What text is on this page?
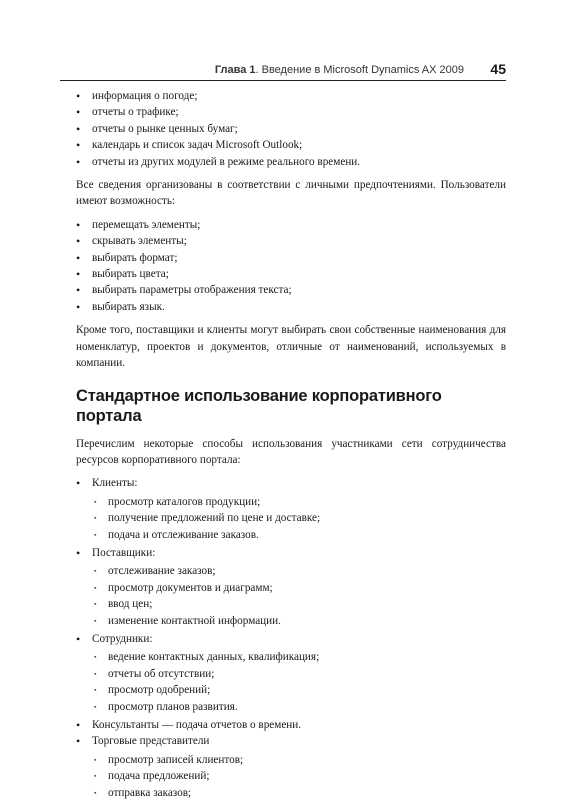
Глава 1. Введение в Microsoft Dynamics AX 2009 45
• информация о погоде;
• отчеты о трафике;
• отчеты о рынке ценных бумаг;
• календарь и список задач Microsoft Outlook;
• отчеты из других модулей в режиме реального времени.

Все сведения организованы в соответствии с личными предпочтениями. Пользователи имеют возможность:

• перемещать элементы;
• скрывать элементы;
• выбирать формат;
• выбирать цвета;
• выбирать параметры отображения текста;
• выбирать язык.

Кроме того, поставщики и клиенты могут выбирать свои собственные наименования для номенклатур, проектов и документов, отличные от наименований, используемых в компании.

Стандартное использование корпоративного портала

Перечислим некоторые способы использования участниками сети сотрудничества ресурсов корпоративного портала:

• Клиенты:
▪ просмотр каталогов продукции;
▪ получение предложений по цене и доставке;
▪ подача и отслеживание заказов.
• Поставщики:
▪ отслеживание заказов;
▪ просмотр документов и диаграмм;
▪ ввод цен;
▪ изменение контактной информации.
• Сотрудники:
▪ ведение контактных данных, квалификация;
▪ отчеты об отсутствии;
▪ просмотр одобрений;
▪ просмотр планов развития.
• Консультанты — подача отчетов о времени.
• Торговые представители
▪ просмотр записей клиентов;
▪ подача предложений;
▪ отправка заказов;
